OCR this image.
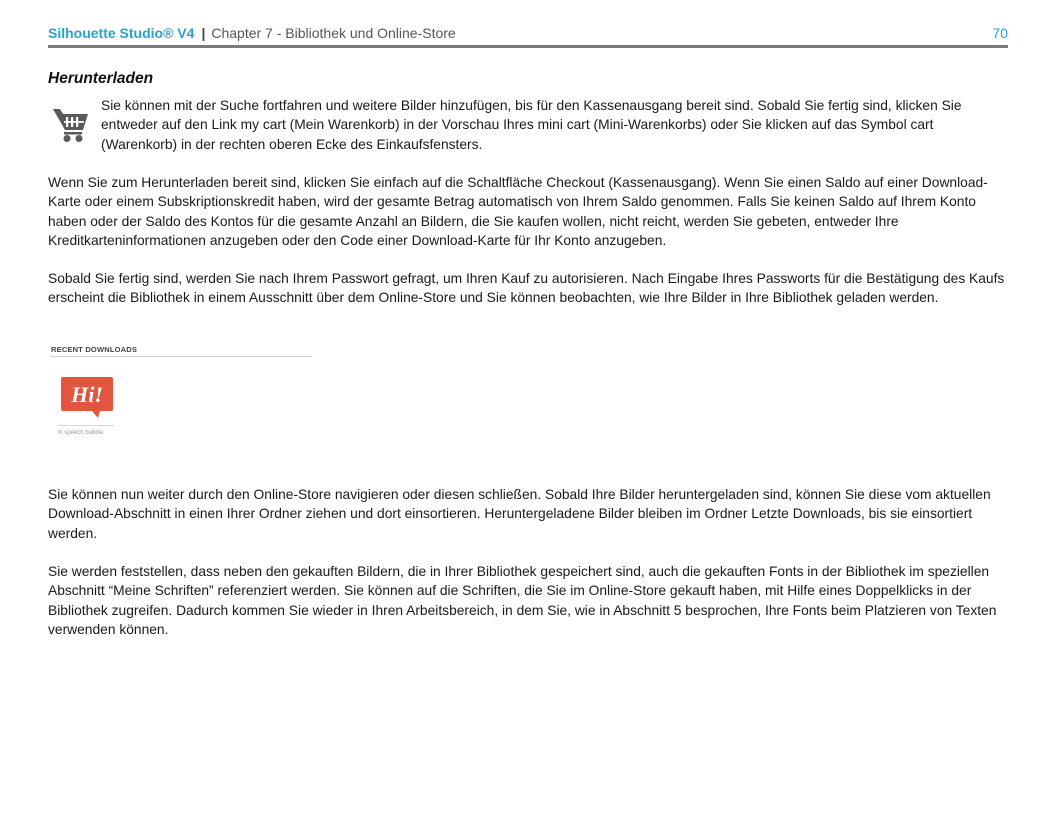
Silhouette Studio® V4 | Chapter 7 - Bibliothek und Online-Store	70
Herunterladen

Sie können mit der Suche fortfahren und weitere Bilder hinzufügen, bis für den Kassenausgang bereit sind. Sobald Sie fertig sind, klicken Sie entweder auf den Link my cart (Mein Warenkorb) in der Vorschau Ihres mini cart (Mini-Warenkorbs) oder Sie klicken auf das Symbol cart (Warenkorb) in der rechten oberen Ecke des Einkaufsfensters.

Wenn Sie zum Herunterladen bereit sind, klicken Sie einfach auf die Schaltfläche Checkout (Kassenausgang). Wenn Sie einen Saldo auf einer Download-Karte oder einem Subskriptionskredit haben, wird der gesamte Betrag automatisch von Ihrem Saldo genommen. Falls Sie keinen Saldo auf Ihrem Konto haben oder der Saldo des Kontos für die gesamte Anzahl an Bildern, die Sie kaufen wollen, nicht reicht, werden Sie gebeten, entweder Ihre Kreditkarteninformationen anzugeben oder den Code einer Download-Karte für Ihr Konto anzugeben.

Sobald Sie fertig sind, werden Sie nach Ihrem Passwort gefragt, um Ihren Kauf zu autorisieren. Nach Eingabe Ihres Passworts für die Bestätigung des Kaufs erscheint die Bibliothek in einem Ausschnitt über dem Online-Store und Sie können beobachten, wie Ihre Bilder in Ihre Bibliothek geladen werden.

RECENT DOWNLOADS
Hi!
hi speech bubble

Sie können nun weiter durch den Online-Store navigieren oder diesen schließen. Sobald Ihre Bilder heruntergeladen sind, können Sie diese vom aktuellen Download-Abschnitt in einen Ihrer Ordner ziehen und dort einsortieren. Heruntergeladene Bilder bleiben im Ordner Letzte Downloads, bis sie einsortiert werden.

Sie werden feststellen, dass neben den gekauften Bildern, die in Ihrer Bibliothek gespeichert sind, auch die gekauften Fonts in der Bibliothek im speziellen Abschnitt “Meine Schriften” referenziert werden. Sie können auf die Schriften, die Sie im Online-Store gekauft haben, mit Hilfe eines Doppelklicks in der Bibliothek zugreifen. Dadurch kommen Sie wieder in Ihren Arbeitsbereich, in dem Sie, wie in Abschnitt 5 besprochen, Ihre Fonts beim Platzieren von Texten verwenden können.
